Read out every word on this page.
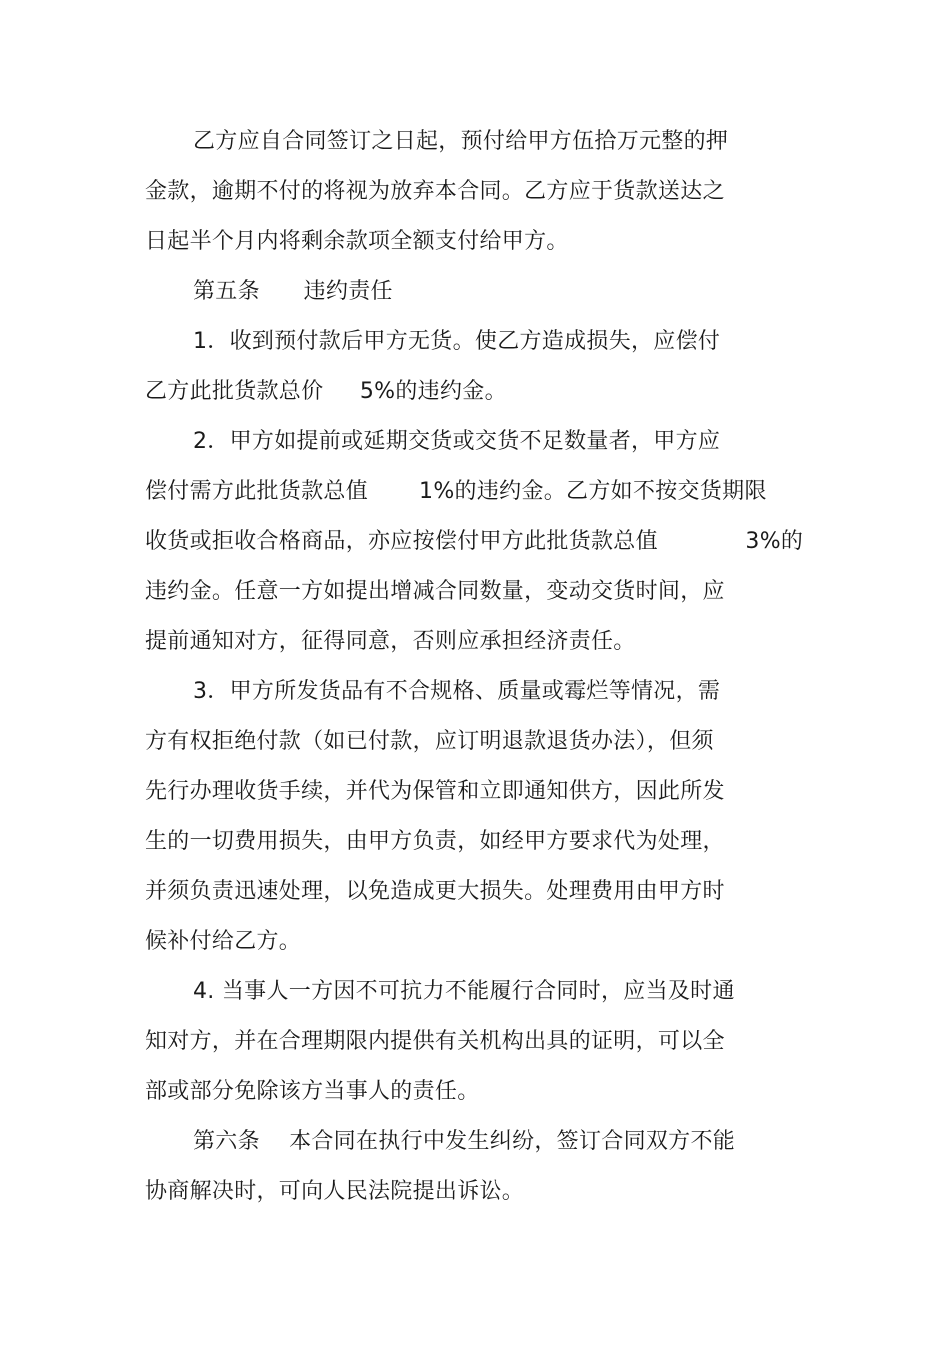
乙方应自合同签订之日起，预付给甲方伍拾万元整的押
金款，逾期不付的将视为放弃本合同。乙方应于货款送达之
日起半个月内将剩余款项全额支付给甲方。
第五条      违约责任
1．收到预付款后甲方无货。使乙方造成损失，应偿付
乙方此批货款总价     5%的违约金。
2．甲方如提前或延期交货或交货不足数量者，甲方应
偿付需方此批货款总值       1%的违约金。乙方如不按交货期限
收货或拒收合格商品，亦应按偿付甲方此批货款总值            3%的
违约金。任意一方如提出增减合同数量，变动交货时间，应
提前通知对方，征得同意，否则应承担经济责任。
3．甲方所发货品有不合规格、质量或霉烂等情况，需
方有权拒绝付款（如已付款，应订明退款退货办法），但须
先行办理收货手续，并代为保管和立即通知供方，因此所发
生的一切费用损失，由甲方负责，如经甲方要求代为处理，
并须负责迅速处理，以免造成更大损失。处理费用由甲方时
候补付给乙方。
4. 当事人一方因不可抗力不能履行合同时，应当及时通
知对方，并在合理期限内提供有关机构出具的证明，可以全
部或部分免除该方当事人的责任。
第六条    本合同在执行中发生纠纷，签订合同双方不能
协商解决时，可向人民法院提出诉讼。
